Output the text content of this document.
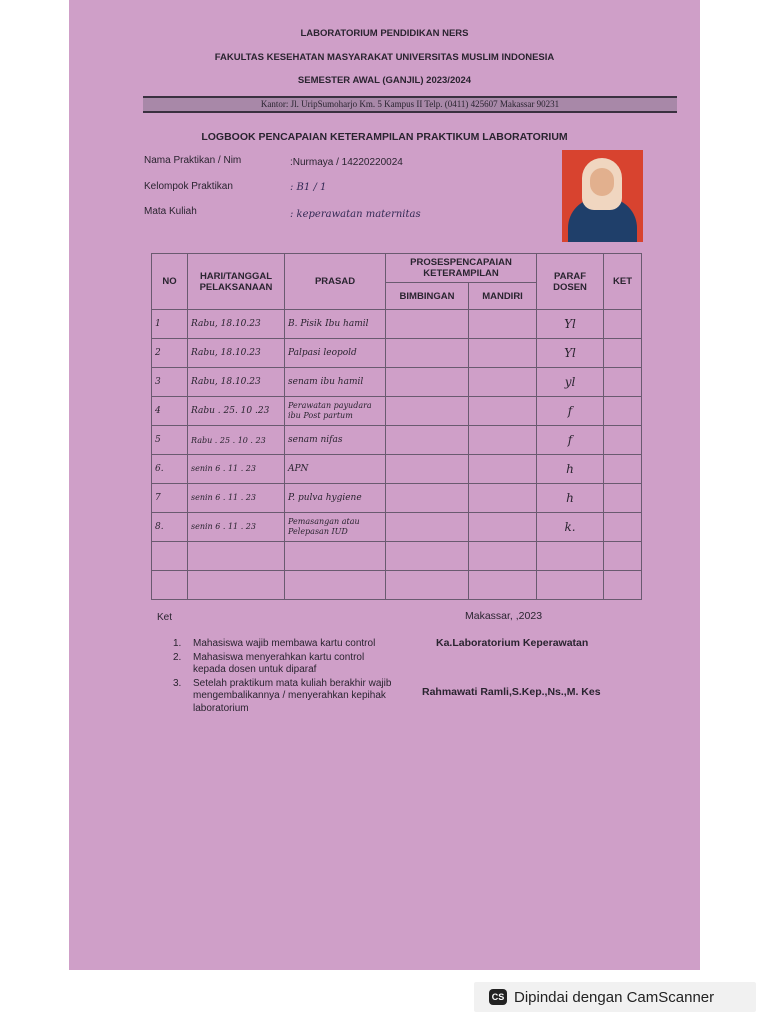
LABORATORIUM PENDIDIKAN NERS
FAKULTAS KESEHATAN MASYARAKAT UNIVERSITAS MUSLIM INDONESIA
SEMESTER AWAL (GANJIL) 2023/2024
Kantor: Jl. UripSumoharjo Km. 5 Kampus II Telp. (0411) 425607 Makassar 90231
LOGBOOK PENCAPAIAN KETERAMPILAN PRAKTIKUM LABORATORIUM
Nama Praktikan / Nim	:Nurmaya / 14220220024
Kelompok Praktikan	: B1 / 1
Mata Kuliah	: keperawatan maternitas
NO	HARI/TANGGAL PELAKSANAAN	PRASAD	PROSESPENCAPAIAN KETERAMPILAN		PARAF DOSEN	KET
			BIMBINGAN	MANDIRI		
1	Rabu, 18.10.23	B. Pisik Ibu hamil			Yl	
2	Rabu, 18.10.23	Palpasi leopold			Yl	
3	Rabu, 18.10.23	senam ibu hamil			yl	
4	Rabu . 25. 10 .23	Perawatan payudara ibu Post partum			f	
5	Rabu . 25 . 10 . 23	senam nifas			f	
6.	senin 6 . 11 . 23	APN			h	
7	senin 6 . 11 . 23	P. pulva hygiene			h	
8.	senin 6 . 11 . 23	Pemasangan atau Pelepasan IUD			k.	

Ket
1. Mahasiswa wajib membawa kartu control
2. Mahasiswa menyerahkan kartu control kepada dosen untuk diparaf
3. Setelah praktikum mata kuliah berakhir wajib mengembalikannya / menyerahkan kepihak laboratorium
Makassar, ,2023
Ka.Laboratorium Keperawatan
Rahmawati Ramli,S.Kep.,Ns.,M. Kes
CS Dipindai dengan CamScanner
